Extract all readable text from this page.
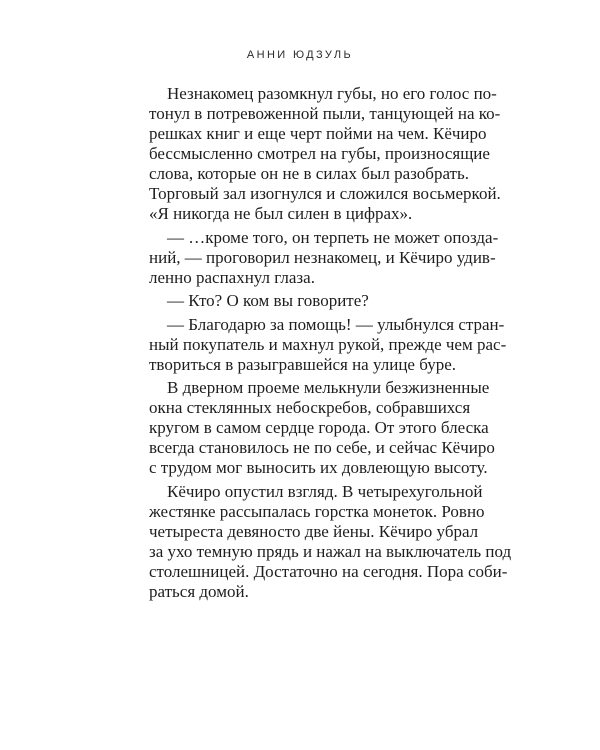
АННИ ЮДЗУЛЬ

Незнакомец разомкнул губы, но его голос по-
тонул в потревоженной пыли, танцующей на ко-
решках книг и еще черт пойми на чем. Кёчиро
бессмысленно смотрел на губы, произносящие
слова, которые он не в силах был разобрать.
Торговый зал изогнулся и сложился восьмеркой.
«Я никогда не был силен в цифрах».

— …кроме того, он терпеть не может опозда-
ний, — проговорил незнакомец, и Кёчиро удив-
ленно распахнул глаза.

— Кто? О ком вы говорите?

— Благодарю за помощь! — улыбнулся стран-
ный покупатель и махнул рукой, прежде чем рас-
твориться в разыгравшейся на улице буре.

В дверном проеме мелькнули безжизненные
окна стеклянных небоскребов, собравшихся
кругом в самом сердце города. От этого блеска
всегда становилось не по себе, и сейчас Кёчиро
с трудом мог выносить их довлеющую высоту.

Кёчиро опустил взгляд. В четырехугольной
жестянке рассыпалась горстка монеток. Ровно
четыреста девяносто две йены. Кёчиро убрал
за ухо темную прядь и нажал на выключатель под
столешницей. Достаточно на сегодня. Пора соби-
раться домой.
